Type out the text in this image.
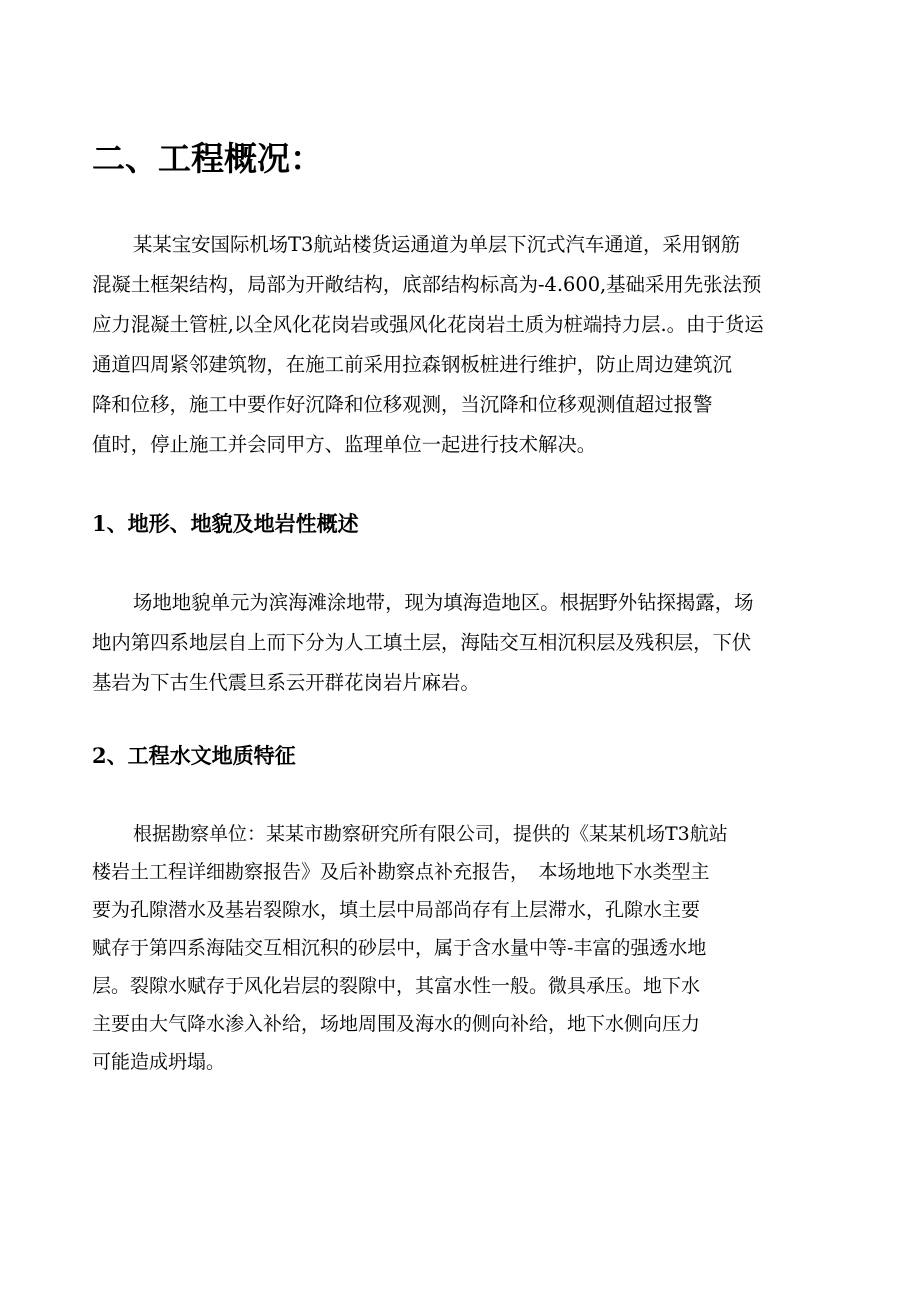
二、工程概况：
某某宝安国际机场T3航站楼货运通道为单层下沉式汽车通道，采用钢筋
混凝土框架结构，局部为开敞结构，底部结构标高为-4.600,基础采用先张法预
应力混凝土管桩,以全风化花岗岩或强风化花岗岩土质为桩端持力层.。由于货运
通道四周紧邻建筑物，在施工前采用拉森钢板桩进行维护，防止周边建筑沉
降和位移，施工中要作好沉降和位移观测，当沉降和位移观测值超过报警
值时，停止施工并会同甲方、监理单位一起进行技术解决。
1、地形、地貌及地岩性概述
场地地貌单元为滨海滩涂地带，现为填海造地区。根据野外钻探揭露，场
地内第四系地层自上而下分为人工填土层，海陆交互相沉积层及残积层，下伏
基岩为下古生代震旦系云开群花岗岩片麻岩。
2、工程水文地质特征
根据勘察单位：某某市勘察研究所有限公司，提供的《某某机场T3航站
楼岩土工程详细勘察报告》及后补勘察点补充报告，　本场地地下水类型主
要为孔隙潜水及基岩裂隙水，填土层中局部尚存有上层滞水，孔隙水主要
赋存于第四系海陆交互相沉积的砂层中，属于含水量中等-丰富的强透水地
层。裂隙水赋存于风化岩层的裂隙中，其富水性一般。微具承压。地下水
主要由大气降水渗入补给，场地周围及海水的侧向补给，地下水侧向压力
可能造成坍塌。
